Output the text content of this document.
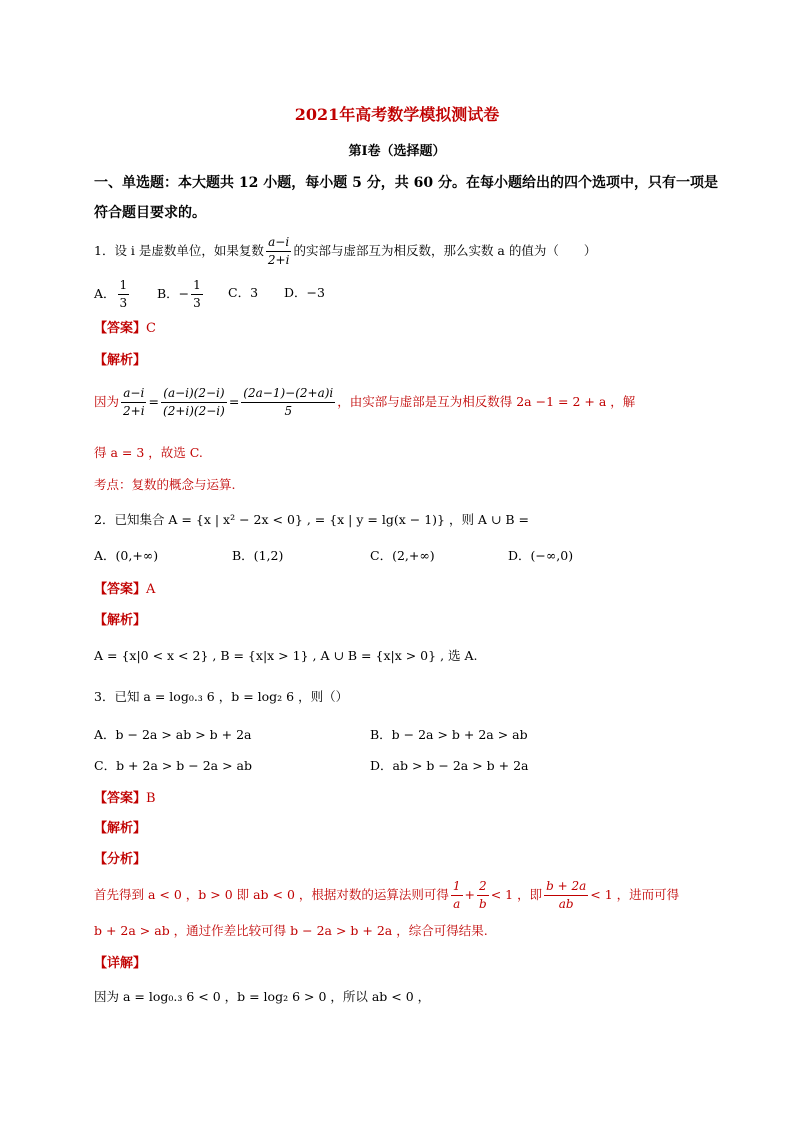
2021年高考数学模拟测试卷
第Ⅰ卷（选择题）
一、单选题：本大题共 12 小题，每小题 5 分，共 60 分。在每小题给出的四个选项中，只有一项是
符合题目要求的。
1．设 i 是虚数单位，如果复数 $\frac{a-i}{2+i}$ 的实部与虚部互为相反数，那么实数 a 的值为（　　）
A． $\frac{1}{3}$ B．− $\frac{1}{3}$ C．3 D．−3
【答案】C
【解析】
因为 $\frac{a-i}{2+i} = \frac{(a-i)(2-i)}{(2+i)(2-i)} = \frac{(2a-1)-(2+a)i}{5}$ ，由实部与虚部是互为相反数得 2a −1 = 2 + a ，解
得 a = 3 ，故选 C.
考点：复数的概念与运算.
2．已知集合 A = {x | x² − 2x < 0} , = {x | y = lg(x − 1)} ，则 A ∪ B =
A．(0,+∞)	B．(1,2)	C．(2,+∞)	D．(−∞,0)
【答案】A
【解析】
A = {x|0 < x < 2} , B = {x|x > 1} , A ∪ B = {x|x > 0} , 选 A.
3．已知 a = log₀.₃ 6 ，b = log₂ 6 ，则（）
A．b − 2a > ab > b + 2a	B．b − 2a > b + 2a > ab
C．b + 2a > b − 2a > ab	D．ab > b − 2a > b + 2a
【答案】B
【解析】
【分析】
首先得到 a < 0 ，b > 0 即 ab < 0 ，根据对数的运算法则可得 $\frac{1}{a} + \frac{2}{b} < 1$ ，即 $\frac{b + 2a}{ab} < 1$ ，进而可得
b + 2a > ab ，通过作差比较可得 b − 2a > b + 2a ，综合可得结果.
【详解】
因为 a = log₀.₃ 6 < 0 ，b = log₂ 6 > 0 ，所以 ab < 0 ，
